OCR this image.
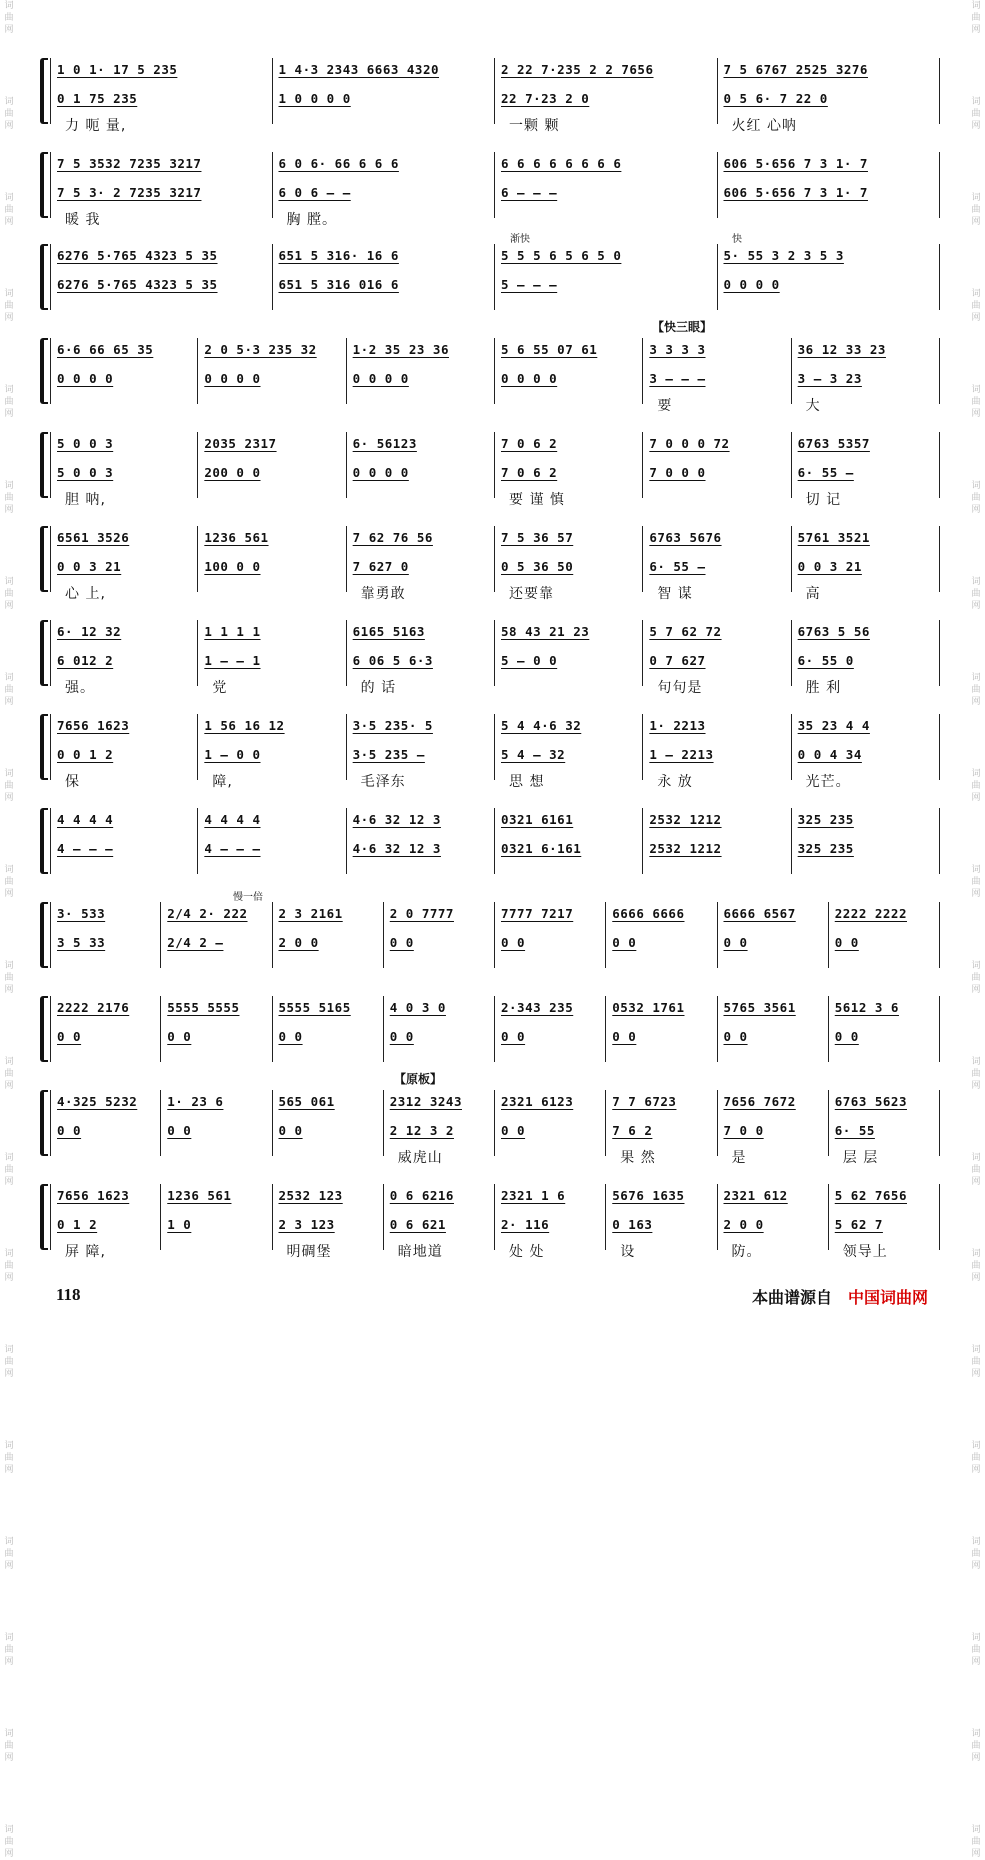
词曲网
词曲网
词曲网
词曲网
词曲网
词曲网
词曲网
词曲网
词曲网
词曲网
词曲网
词曲网
词曲网
词曲网
词曲网
词曲网
词曲网
词曲网
词曲网
词曲网
词曲网
词曲网
词曲网
词曲网
词曲网
词曲网
词曲网
词曲网
词曲网
词曲网
词曲网
词曲网
词曲网
词曲网
词曲网
词曲网
词曲网
词曲网
词曲网
词曲网
1 0 1· 17 5 235
0 1 75 235
力 呃 量,
1 4·3 2343 6663 4320
1 0 0 0 0
2 22 7·235 2 2 7656
22 7·23 2 0
一颗 颗
7 5 6767 2525 3276
0 5 6· 7 22 0
火红 心呐
7 5 3532 7235 3217
7 5 3· 2 7235 3217
暖 我
6 0 6· 66 6 6 6
6 0 6 — —
胸 膛。
6 6 6 6 6 6 6 6
6 — — —
606 5·656 7 3 1· 7
606 5·656 7 3 1· 7
6276 5·765 4323 5 35
6276 5·765 4323 5 35
651 5 316· 16 6
651 5 316 016 6
5 5 5 6 5 6 5 0
5 — — —
5· 55 3 2 3 5 3
0 0 0 0
渐快	快
6·6 66 65 35
0 0 0 0
2 0 5·3 235 32
0 0 0 0
1·2 35 23 36
0 0 0 0
5 6 55 07 61
0 0 0 0
3 3 3 3
3 — — —
要
36 12 33 23
3 — 3 23
大
【快三眼】
5 0 0 3
5 0 0 3
胆 呐,
2035 2317
200 0 0
6· 56123
0 0 0 0
7 0 6 2
7 0 6 2
要 谨 慎
7 0 0 0 72
7 0 0 0
6763 5357
6· 55 —
切 记
6561 3526
0 0 3 21
心 上,
1236 561
100 0 0
7 62 76 56
7 627 0
靠勇敢
7 5 36 57
0 5 36 50
还要靠
6763 5676
6· 55 —
智 谋
5761 3521
0 0 3 21
高
6· 12 32
6 012 2
强。
1 1 1 1
1 — — 1
党
6165 5163
6 06 5 6·3
的 话
58 43 21 23
5 — 0 0
5 7 62 72
0 7 627
句句是
6763 5 56
6· 55 0
胜 利
7656 1623
0 0 1 2
保
1 56 16 12
1 — 0 0
障,
3·5 235· 5
3·5 235 —
毛泽东
5 4 4·6 32
5 4 — 32
思 想
1· 2213
1 — 2213
永 放
35 23 4 4
0 0 4 34
光芒。
4 4 4 4
4 — — —
4 4 4 4
4 — — —
4·6 32 12 3
4·6 32 12 3
0321 6161
0321 6·161
2532 1212
2532 1212
325 235
325 235
3· 533
3 5 33
2/4 2· 222
2/4 2 —
2 3 2161
2 0 0
2 0 7777
0 0
7777 7217
0 0
6666 6666
0 0
6666 6567
0 0
2222 2222
0 0
慢一倍
2222 2176
0 0
5555 5555
0 0
5555 5165
0 0
4 0 3 0
0 0
2·343 235
0 0
0532 1761
0 0
5765 3561
0 0
5612 3 6
0 0
4·325 5232
0 0
1· 23 6
0 0
565 061
0 0
2312 3243
2 12 3 2
威虎山
2321 6123
0 0
7 7 6723
7 6 2
果 然
7656 7672
7 0 0
是
6763 5623
6· 55
层 层
【原板】
7656 1623
0 1 2
屏 障,
1236 561
1 0
2532 123
2 3 123
明碉堡
0 6 6216
0 6 621
暗地道
2321 1 6
2· 116
处 处
5676 1635
0 163
设
2321 612
2 0 0
防。
5 62 7656
5 62 7
领导上
118	本曲谱源自 中国词曲网
